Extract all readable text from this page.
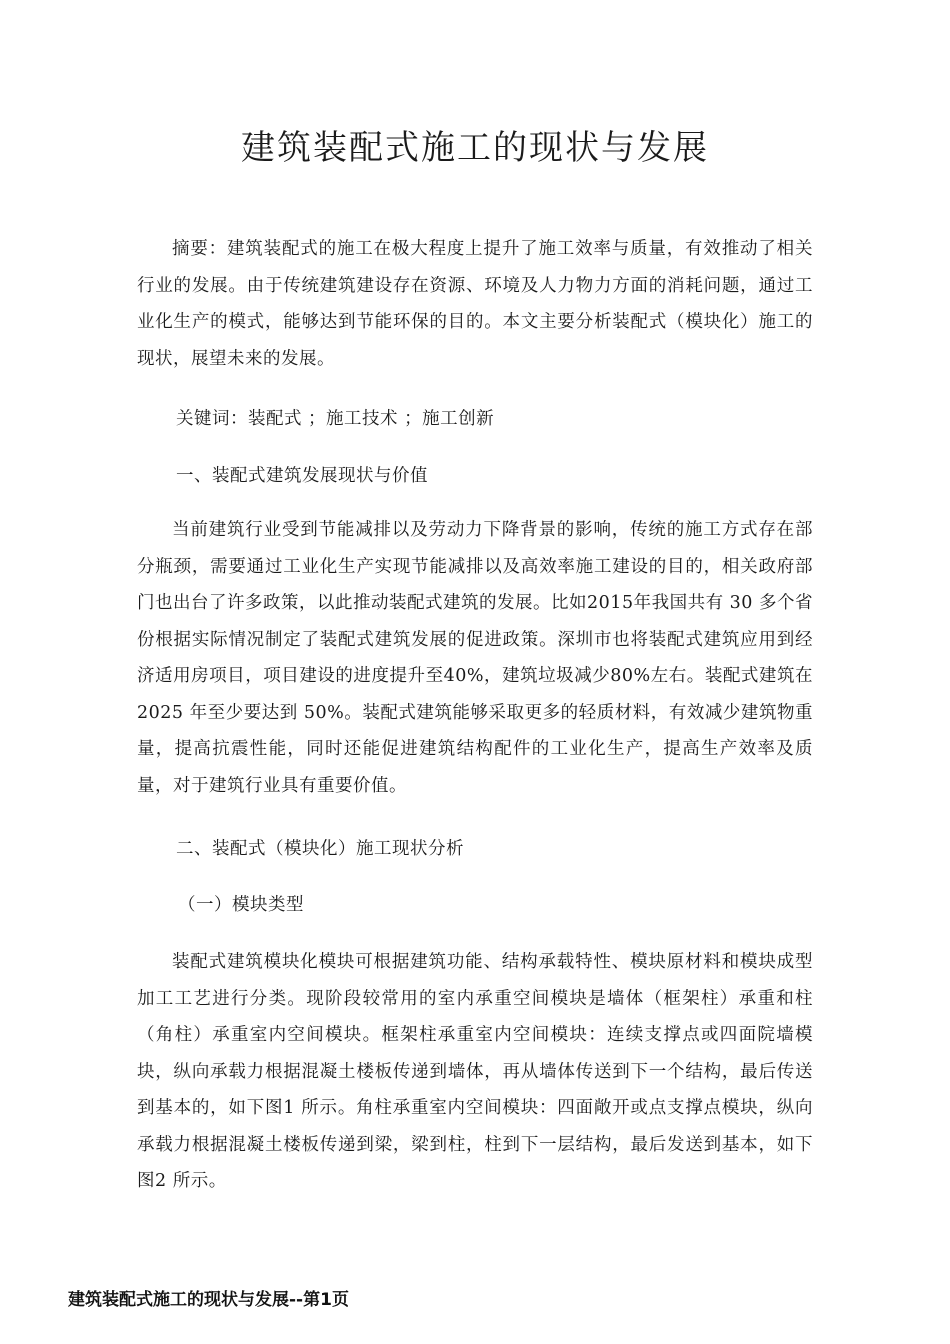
建筑装配式施工的现状与发展

摘要：建筑装配式的施工在极大程度上提升了施工效率与质量，有效推动了相关行业的发展。由于传统建筑建设存在资源、环境及人力物力方面的消耗问题，通过工业化生产的模式，能够达到节能环保的目的。本文主要分析装配式（模块化）施工的现状，展望未来的发展。

关键词：装配式 ；施工技术 ；施工创新

一、装配式建筑发展现状与价值

当前建筑行业受到节能减排以及劳动力下降背景的影响，传统的施工方式存在部分瓶颈，需要通过工业化生产实现节能减排以及高效率施工建设的目的，相关政府部门也出台了许多政策，以此推动装配式建筑的发展。比如2015年我国共有 30 多个省份根据实际情况制定了装配式建筑发展的促进政策。深圳市也将装配式建筑应用到经济适用房项目，项目建设的进度提升至40%，建筑垃圾减少80%左右。装配式建筑在 2025 年至少要达到 50%。装配式建筑能够采取更多的轻质材料，有效减少建筑物重量，提高抗震性能，同时还能促进建筑结构配件的工业化生产，提高生产效率及质量，对于建筑行业具有重要价值。

二、装配式（模块化）施工现状分析

（一）模块类型

装配式建筑模块化模块可根据建筑功能、结构承载特性、模块原材料和模块成型加工工艺进行分类。现阶段较常用的室内承重空间模块是墙体（框架柱）承重和柱（角柱）承重室内空间模块。框架柱承重室内空间模块：连续支撑点或四面院墙模块，纵向承载力根据混凝土楼板传递到墙体，再从墙体传送到下一个结构，最后传送到基本的，如下图1 所示。角柱承重室内空间模块：四面敞开或点支撑点模块，纵向承载力根据混凝土楼板传递到梁，梁到柱，柱到下一层结构，最后发送到基本，如下图2 所示。

建筑装配式施工的现状与发展--第1页
